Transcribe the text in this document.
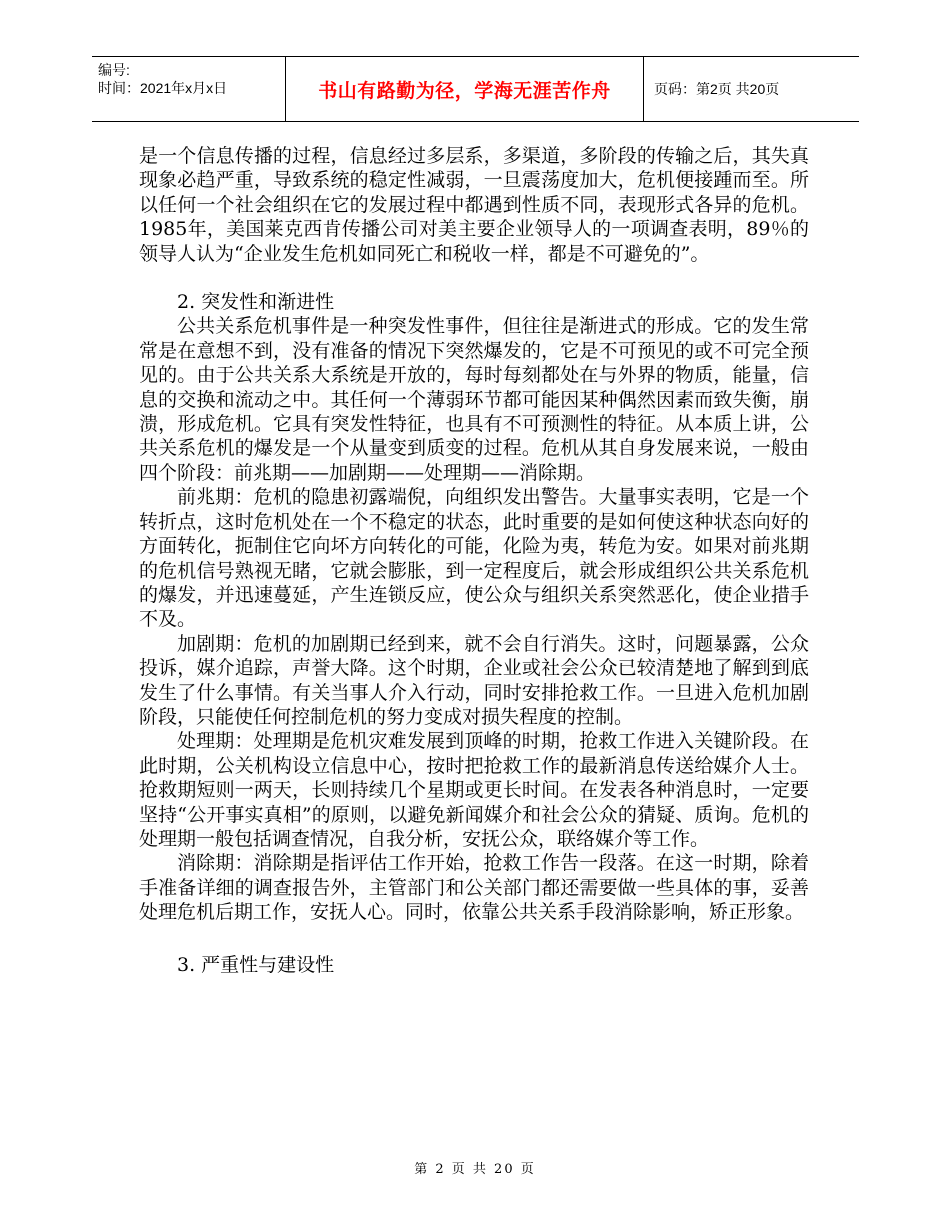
编号:
时间：2021年x月x日	书山有路勤为径，学海无涯苦作舟	页码：第2页 共20页

是一个信息传播的过程，信息经过多层系，多渠道，多阶段的传输之后，其失真现象必趋严重，导致系统的稳定性减弱，一旦震荡度加大，危机便接踵而至。所以任何一个社会组织在它的发展过程中都遇到性质不同，表现形式各异的危机。1985年，美国莱克西肯传播公司对美主要企业领导人的一项调查表明，89％的领导人认为“企业发生危机如同死亡和税收一样，都是不可避免的”。

2. 突发性和渐进性

公共关系危机事件是一种突发性事件，但往往是渐进式的形成。它的发生常常是在意想不到，没有准备的情况下突然爆发的，它是不可预见的或不可完全预见的。由于公共关系大系统是开放的，每时每刻都处在与外界的物质，能量，信息的交换和流动之中。其任何一个薄弱环节都可能因某种偶然因素而致失衡，崩溃，形成危机。它具有突发性特征，也具有不可预测性的特征。从本质上讲，公共关系危机的爆发是一个从量变到质变的过程。危机从其自身发展来说，一般由四个阶段：前兆期——加剧期——处理期——消除期。

前兆期：危机的隐患初露端倪，向组织发出警告。大量事实表明，它是一个转折点，这时危机处在一个不稳定的状态，此时重要的是如何使这种状态向好的方面转化，扼制住它向坏方向转化的可能，化险为夷，转危为安。如果对前兆期的危机信号熟视无睹，它就会膨胀，到一定程度后，就会形成组织公共关系危机的爆发，并迅速蔓延，产生连锁反应，使公众与组织关系突然恶化，使企业措手不及。

加剧期：危机的加剧期已经到来，就不会自行消失。这时，问题暴露，公众投诉，媒介追踪，声誉大降。这个时期，企业或社会公众已较清楚地了解到到底发生了什么事情。有关当事人介入行动，同时安排抢救工作。一旦进入危机加剧阶段，只能使任何控制危机的努力变成对损失程度的控制。

处理期：处理期是危机灾难发展到顶峰的时期，抢救工作进入关键阶段。在此时期，公关机构设立信息中心，按时把抢救工作的最新消息传送给媒介人士。抢救期短则一两天，长则持续几个星期或更长时间。在发表各种消息时，一定要坚持“公开事实真相”的原则，以避免新闻媒介和社会公众的猜疑、质询。危机的处理期一般包括调查情况，自我分析，安抚公众，联络媒介等工作。

消除期：消除期是指评估工作开始，抢救工作告一段落。在这一时期，除着手准备详细的调查报告外，主管部门和公关部门都还需要做一些具体的事，妥善处理危机后期工作，安抚人心。同时，依靠公共关系手段消除影响，矫正形象。

3. 严重性与建设性

第 2 页 共 20 页
